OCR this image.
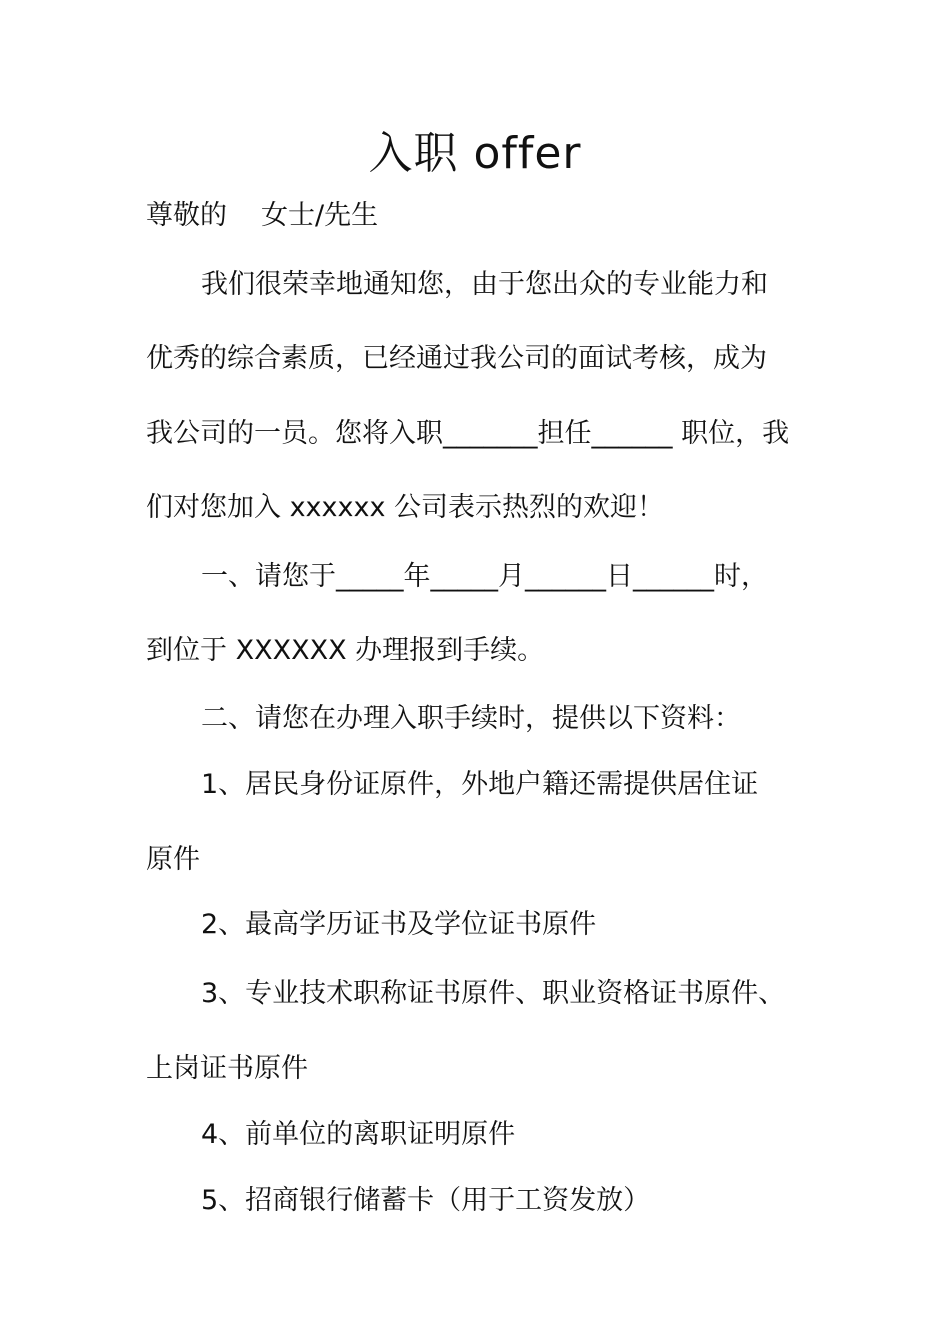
入职 offer
尊敬的 女士/先生
我们很荣幸地通知您，由于您出众的专业能力和
优秀的综合素质，已经通过我公司的面试考核，成为
我公司的一员。您将入职_______担任______ 职位，我
们对您加入 xxxxxx 公司表示热烈的欢迎！
一、请您于_____年_____月______日______时，
到位于 XXXXXX 办理报到手续。
二、请您在办理入职手续时，提供以下资料：
1、居民身份证原件，外地户籍还需提供居住证
原件
2、最高学历证书及学位证书原件
3、专业技术职称证书原件、职业资格证书原件、
上岗证书原件
4、前单位的离职证明原件
5、招商银行储蓄卡（用于工资发放）
